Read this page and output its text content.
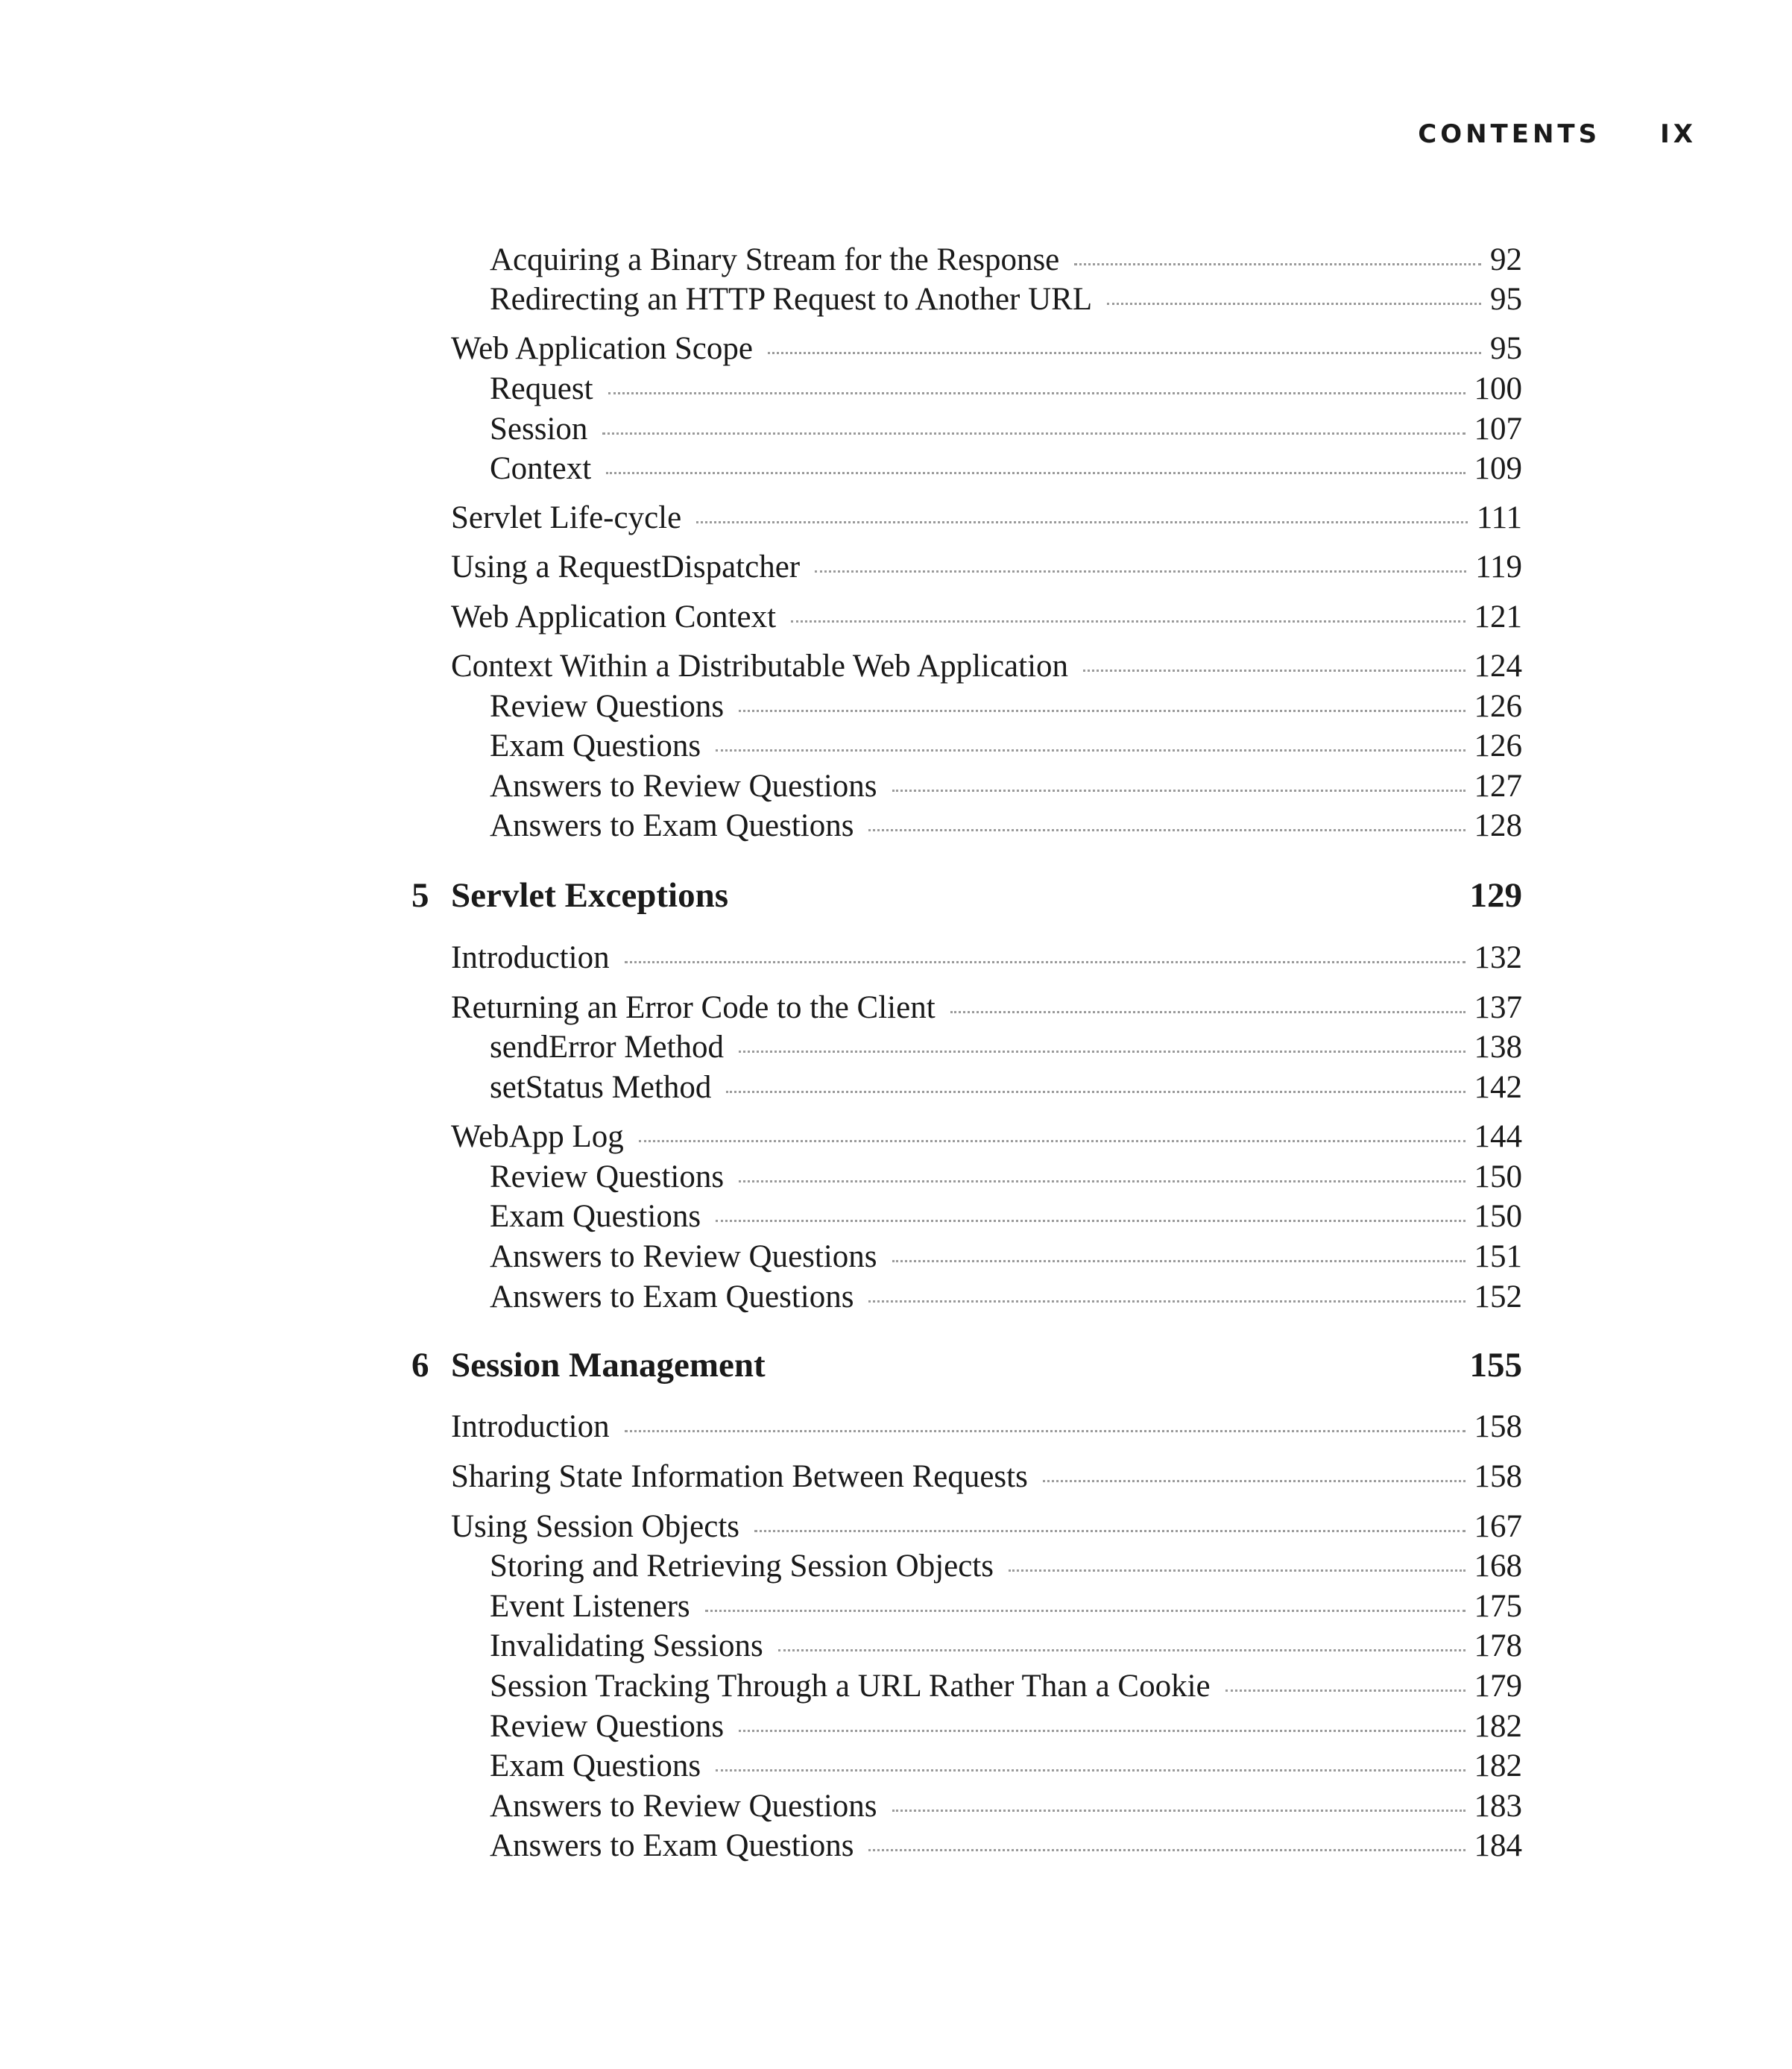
CONTENTS IX
Acquiring a Binary Stream for the Response	92
Redirecting an HTTP Request to Another URL	95
Web Application Scope	95
Request	100
Session	107
Context	109
Servlet Life-cycle	111
Using a RequestDispatcher	119
Web Application Context	121
Context Within a Distributable Web Application	124
Review Questions	126
Exam Questions	126
Answers to Review Questions	127
Answers to Exam Questions	128
5 Servlet Exceptions	129
Introduction	132
Returning an Error Code to the Client	137
sendError Method	138
setStatus Method	142
WebApp Log	144
Review Questions	150
Exam Questions	150
Answers to Review Questions	151
Answers to Exam Questions	152
6 Session Management	155
Introduction	158
Sharing State Information Between Requests	158
Using Session Objects	167
Storing and Retrieving Session Objects	168
Event Listeners	175
Invalidating Sessions	178
Session Tracking Through a URL Rather Than a Cookie	179
Review Questions	182
Exam Questions	182
Answers to Review Questions	183
Answers to Exam Questions	184
